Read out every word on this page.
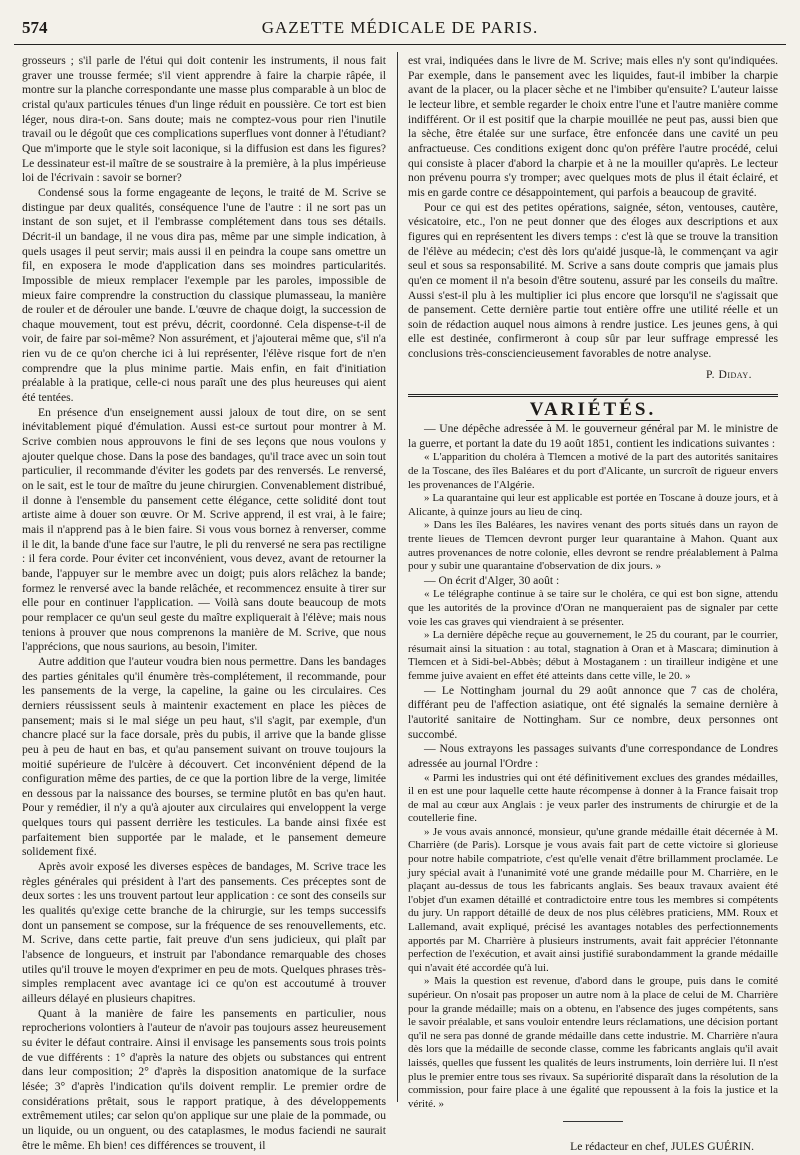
574	GAZETTE MÉDICALE DE PARIS.

grosseurs ; s'il parle de l'étui qui doit contenir les instruments, il nous fait graver une trousse fermée; s'il vient apprendre à faire la charpie râpée, il montre sur la planche correspondante une masse plus comparable à un bloc de cristal qu'aux particules ténues d'un linge réduit en poussière. Ce tort est bien léger, nous dira-t-on. Sans doute; mais ne comptez-vous pour rien l'inutile travail ou le dégoût que ces complications superflues vont donner à l'étudiant? Que m'importe que le style soit laconique, si la diffusion est dans les figures? Le dessinateur est-il maître de se soustraire à la première, à la plus impérieuse loi de l'écrivain : savoir se borner?

Condensé sous la forme engageante de leçons, le traité de M. Scrive se distingue par deux qualités, conséquence l'une de l'autre : il ne sort pas un instant de son sujet, et il l'embrasse complétement dans tous ses détails. Décrit-il un bandage, il ne vous dira pas, même par une simple indication, à quels usages il peut servir; mais aussi il en peindra la coupe sans omettre un fil, en exposera le mode d'application dans ses moindres particularités. Impossible de mieux remplacer l'exemple par les paroles, impossible de mieux faire comprendre la construction du classique plumasseau, la manière de rouler et de dérouler une bande. L'œuvre de chaque doigt, la succession de chaque mouvement, tout est prévu, décrit, coordonné. Cela dispense-t-il de voir, de faire par soi-même? Non assurément, et j'ajouterai même que, s'il n'a rien vu de ce qu'on cherche ici à lui représenter, l'élève risque fort de n'en comprendre que la plus minime partie. Mais enfin, en fait d'initiation préalable à la pratique, celle-ci nous paraît une des plus heureuses qui aient été tentées.

En présence d'un enseignement aussi jaloux de tout dire, on se sent inévitablement piqué d'émulation. Aussi est-ce surtout pour montrer à M. Scrive combien nous approuvons le fini de ses leçons que nous voulons y ajouter quelque chose. Dans la pose des bandages, qu'il trace avec un soin tout particulier, il recommande d'éviter les godets par des renversés. Le renversé, on le sait, est le tour de maître du jeune chirurgien. Convenablement distribué, il donne à l'ensemble du pansement cette élégance, cette solidité dont tout artiste aime à douer son œuvre. Or M. Scrive apprend, il est vrai, à le faire; mais il n'apprend pas à le bien faire. Si vous vous bornez à renverser, comme il le dit, la bande d'une face sur l'autre, le pli du renversé ne sera pas rectiligne : il fera corde. Pour éviter cet inconvénient, vous devez, avant de retourner la bande, l'appuyer sur le membre avec un doigt; puis alors relâchez la bande; formez le renversé avec la bande relâchée, et recommencez ensuite à tirer sur elle pour en continuer l'application. — Voilà sans doute beaucoup de mots pour remplacer ce qu'un seul geste du maître expliquerait à l'élève; mais nous tenions à prouver que nous comprenons la manière de M. Scrive, que nous l'apprécions, que nous saurions, au besoin, l'imiter.

Autre addition que l'auteur voudra bien nous permettre. Dans les bandages des parties génitales qu'il énumère très-complétement, il recommande, pour les pansements de la verge, la capeline, la gaine ou les circulaires. Ces derniers réussissent seuls à maintenir exactement en place les pièces de pansement; mais si le mal siége un peu haut, s'il s'agit, par exemple, d'un chancre placé sur la face dorsale, près du pubis, il arrive que la bande glisse peu à peu de haut en bas, et qu'au pansement suivant on trouve toujours la moitié supérieure de l'ulcère à découvert. Cet inconvénient dépend de la configuration même des parties, de ce que la portion libre de la verge, limitée en dessous par la naissance des bourses, se termine plutôt en bas qu'en haut. Pour y remédier, il n'y a qu'à ajouter aux circulaires qui enveloppent la verge quelques tours qui passent derrière les testicules. La bande ainsi fixée est parfaitement bien supportée par le malade, et le pansement demeure solidement fixé.

Après avoir exposé les diverses espèces de bandages, M. Scrive trace les règles générales qui président à l'art des pansements. Ces préceptes sont de deux sortes : les uns trouvent partout leur application : ce sont des conseils sur les qualités qu'exige cette branche de la chirurgie, sur les temps successifs dont un pansement se compose, sur la fréquence de ses renouvellements, etc. M. Scrive, dans cette partie, fait preuve d'un sens judicieux, qui plaît par l'absence de longueurs, et instruit par l'abondance remarquable des choses utiles qu'il trouve le moyen d'exprimer en peu de mots. Quelques phrases très-simples remplacent avec avantage ici ce qu'on est accoutumé à trouver ailleurs délayé en plusieurs chapitres.

Quant à la manière de faire les pansements en particulier, nous reprocherions volontiers à l'auteur de n'avoir pas toujours assez heureusement su éviter le défaut contraire. Ainsi il envisage les pansements sous trois points de vue différents : 1° d'après la nature des objets ou substances qui entrent dans leur composition; 2° d'après la disposition anatomique de la surface lésée; 3° d'après l'indication qu'ils doivent remplir. Le premier ordre de considérations prêtait, sous le rapport pratique, à des développements extrêmement utiles; car selon qu'on applique sur une plaie de la pommade, ou un liquide, ou un onguent, ou des cataplasmes, le modus faciendi ne saurait être le même. Eh bien! ces différences se trouvent, il

est vrai, indiquées dans le livre de M. Scrive; mais elles n'y sont qu'indiquées. Par exemple, dans le pansement avec les liquides, faut-il imbiber la charpie avant de la placer, ou la placer sèche et ne l'imbiber qu'ensuite? L'auteur laisse le lecteur libre, et semble regarder le choix entre l'une et l'autre manière comme indifférent. Or il est positif que la charpie mouillée ne peut pas, aussi bien que la sèche, être étalée sur une surface, être enfoncée dans une cavité un peu anfractueuse. Ces conditions exigent donc qu'on préfère l'autre procédé, celui qui consiste à placer d'abord la charpie et à ne la mouiller qu'après. Le lecteur non prévenu pourra s'y tromper; avec quelques mots de plus il était éclairé, et mis en garde contre ce désappointement, qui parfois a beaucoup de gravité.

Pour ce qui est des petites opérations, saignée, séton, ventouses, cautère, vésicatoire, etc., l'on ne peut donner que des éloges aux descriptions et aux figures qui en représentent les divers temps : c'est là que se trouve la transition de l'élève au médecin; c'est dès lors qu'aidé jusque-là, le commençant va agir seul et sous sa responsabilité. M. Scrive a sans doute compris que jamais plus qu'en ce moment il n'a besoin d'être soutenu, assuré par les conseils du maître. Aussi s'est-il plu à les multiplier ici plus encore que lorsqu'il ne s'agissait que de pansement. Cette dernière partie tout entière offre une utilité réelle et un soin de rédaction auquel nous aimons à rendre justice. Les jeunes gens, à qui elle est destinée, confirmeront à coup sûr par leur suffrage empressé les conclusions très-consciencieusement favorables de notre analyse.

P. Diday.
VARIÉTÉS.

— Une dépêche adressée à M. le gouverneur général par M. le ministre de la guerre, et portant la date du 19 août 1851, contient les indications suivantes :

« L'apparition du choléra à Tlemcen a motivé de la part des autorités sanitaires de la Toscane, des îles Baléares et du port d'Alicante, un surcroît de rigueur envers les provenances de l'Algérie.

» La quarantaine qui leur est applicable est portée en Toscane à douze jours, et à Alicante, à quinze jours au lieu de cinq.

» Dans les îles Baléares, les navires venant des ports situés dans un rayon de trente lieues de Tlemcen devront purger leur quarantaine à Mahon. Quant aux autres provenances de notre colonie, elles devront se rendre préalablement à Palma pour y subir une quarantaine d'observation de dix jours. »

— On écrit d'Alger, 30 août :

« Le télégraphe continue à se taire sur le choléra, ce qui est bon signe, attendu que les autorités de la province d'Oran ne manqueraient pas de signaler par cette voie les cas graves qui viendraient à se présenter.

» La dernière dépêche reçue au gouvernement, le 25 du courant, par le courrier, résumait ainsi la situation : au total, stagnation à Oran et à Mascara; diminution à Tlemcen et à Sidi-bel-Abbès; début à Mostaganem : un tirailleur indigène et une femme juive avaient en effet été atteints dans cette ville, le 20. »

— Le Nottingham journal du 29 août annonce que 7 cas de choléra, différant peu de l'affection asiatique, ont été signalés la semaine dernière à l'autorité sanitaire de Nottingham. Sur ce nombre, deux personnes ont succombé.

— Nous extrayons les passages suivants d'une correspondance de Londres adressée au journal l'Ordre :

« Parmi les industries qui ont été définitivement exclues des grandes médailles, il en est une pour laquelle cette haute récompense à donner à la France faisait trop de mal au cœur aux Anglais : je veux parler des instruments de chirurgie et de la coutellerie fine.

» Je vous avais annoncé, monsieur, qu'une grande médaille était décernée à M. Charrière (de Paris). Lorsque je vous avais fait part de cette victoire si glorieuse pour notre habile compatriote, c'est qu'elle venait d'être brillamment proclamée. Le jury spécial avait à l'unanimité voté une grande médaille pour M. Charrière, en le plaçant au-dessus de tous les fabricants anglais. Ses beaux travaux avaient été l'objet d'un examen détaillé et contradictoire entre tous les membres si compétents du jury. Un rapport détaillé de deux de nos plus célèbres praticiens, MM. Roux et Lallemand, avait expliqué, précisé les avantages notables des perfectionnements apportés par M. Charrière à plusieurs instruments, avait fait apprécier l'étonnante perfection de l'exécution, et avait ainsi justifié surabondamment la grande médaille qui n'avait été accordée qu'à lui.

» Mais la question est revenue, d'abord dans le groupe, puis dans le comité supérieur. On n'osait pas proposer un autre nom à la place de celui de M. Charrière pour la grande médaille; mais on a obtenu, en l'absence des juges compétents, sans le savoir préalable, et sans vouloir entendre leurs réclamations, une décision portant qu'il ne sera pas donné de grande médaille dans cette industrie. M. Charrière n'aura dès lors que la médaille de seconde classe, comme les fabricants anglais qu'il avait laissés, quelles que fussent les qualités de leurs instruments, loin derrière lui. Il n'est plus le premier entre tous ses rivaux. Sa supériorité disparaît dans la résolution de la commission, pour faire place à une égalité que repoussent à la fois la justice et la vérité. »

Le rédacteur en chef, JULES GUÉRIN.
